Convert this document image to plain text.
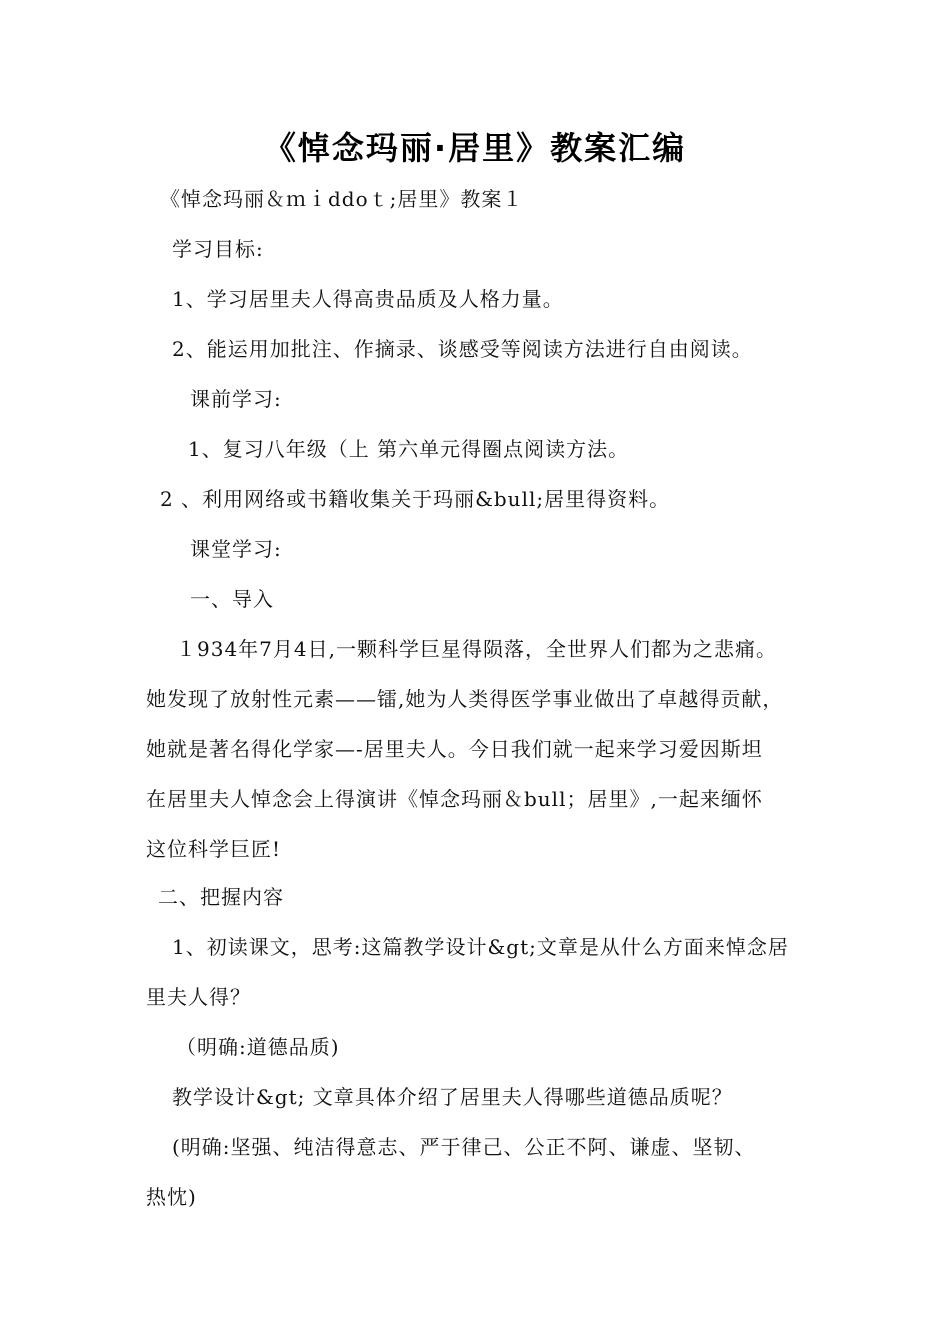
《悼念玛丽·居里》教案汇编
《悼念玛丽＆ｍｉddoｔ;居里》教案１
学习目标:
1、学习居里夫人得高贵品质及人格力量。
2、能运用加批注、作摘录、谈感受等阅读方法进行自由阅读。
课前学习:
1、复习八年级（上 第六单元得圈点阅读方法。
2 、利用网络或书籍收集关于玛丽&bull;居里得资料。
课堂学习:
一、导入
１934年7月4日,一颗科学巨星得陨落，全世界人们都为之悲痛。
她发现了放射性元素——镭,她为人类得医学事业做出了卓越得贡献，
她就是著名得化学家—-居里夫人。今日我们就一起来学习爱因斯坦
在居里夫人悼念会上得演讲《悼念玛丽＆bull；居里》,一起来缅怀
这位科学巨匠!
二、把握内容
1、初读课文，思考:这篇教学设计&gt;文章是从什么方面来悼念居
里夫人得？
（明确:道德品质)
教学设计&gt; 文章具体介绍了居里夫人得哪些道德品质呢？
(明确:坚强、纯洁得意志、严于律己、公正不阿、谦虚、坚韧、
热忱)
